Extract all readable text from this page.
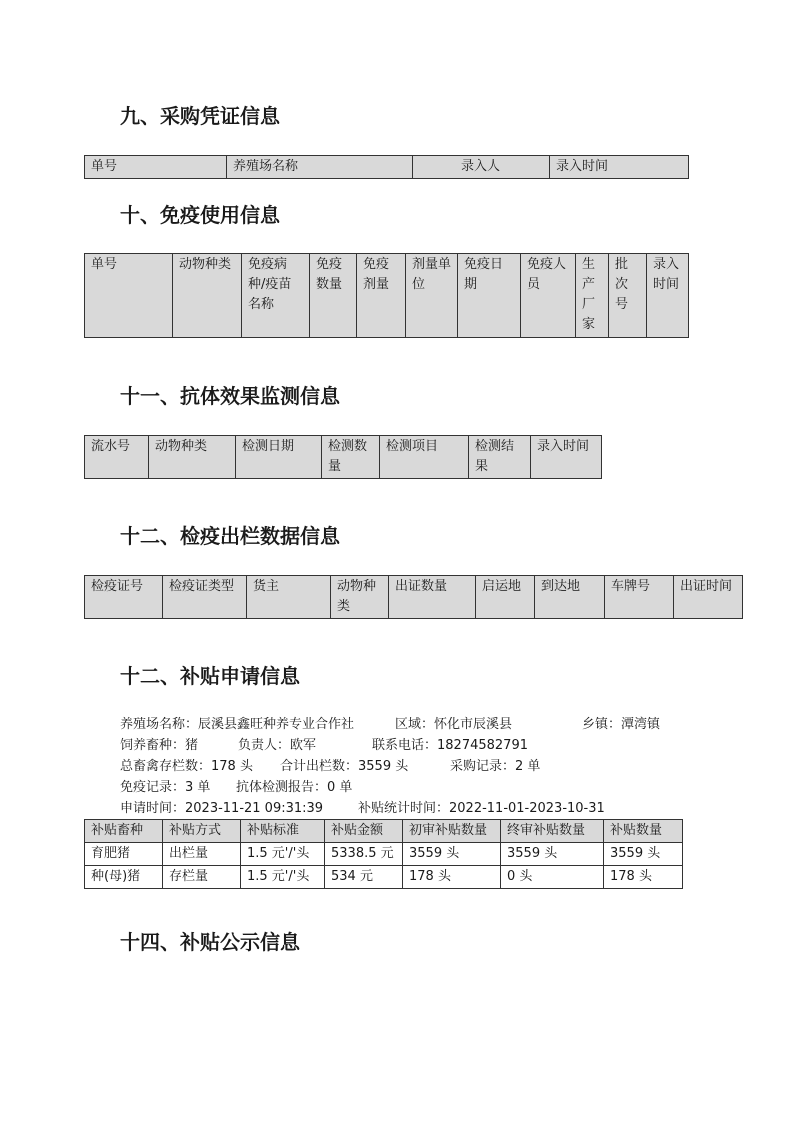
九、采购凭证信息
单号	养殖场名称	录入人	录入时间
十、免疫使用信息
单号	动物种类	免疫病种/疫苗名称	免疫数量	免疫剂量	剂量单位	免疫日期	免疫人员	生产厂家	批次号	录入时间
十一、抗体效果监测信息
流水号	动物种类	检测日期	检测数量	检测项目	检测结果	录入时间
十二、检疫出栏数据信息
检疫证号	检疫证类型	货主	动物种类	出证数量	启运地	到达地	车牌号	出证时间
十二、补贴申请信息
养殖场名称：辰溪县鑫旺种养专业合作社	区域：怀化市辰溪县	乡镇：潭湾镇
饲养畜种：猪	负责人：欧军	联系电话：18274582791
总畜禽存栏数：178 头 合计出栏数：3559 头	采购记录：2 单
免疫记录：3 单 抗体检测报告：0 单
申请时间：2023-11-21 09:31:39	补贴统计时间：2022-11-01-2023-10-31
补贴畜种	补贴方式	补贴标准	补贴金额	初审补贴数量	终审补贴数量	补贴数量
育肥猪	出栏量	1.5 元'/'头	5338.5 元	3559 头	3559 头	3559 头
种(母)猪	存栏量	1.5 元'/'头	534 元	178 头	0 头	178 头
十四、补贴公示信息
